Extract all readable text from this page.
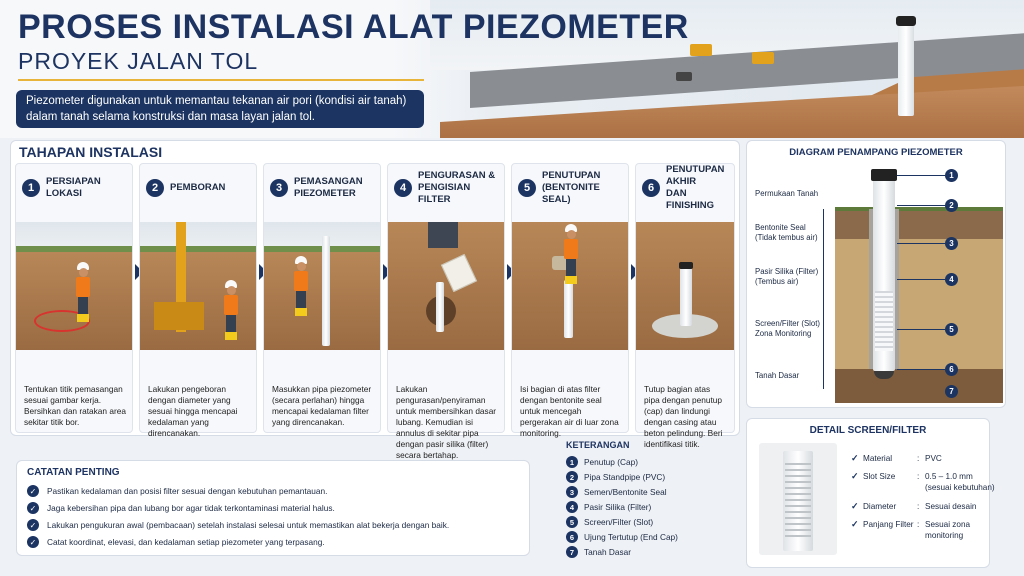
PROSES INSTALASI ALAT PIEZOMETER
PROYEK JALAN TOL
Piezometer digunakan untuk memantau tekanan air pori (kondisi air tanah)
dalam tanah selama konstruksi dan masa layan jalan tol.
TAHAPAN INSTALASI
1
PERSIAPAN LOKASI
Tentukan titik pemasangan sesuai gambar kerja. Bersihkan dan ratakan area sekitar titik bor.
2	PEMBORAN
Lakukan pengeboran dengan diameter yang sesuai hingga mencapai kedalaman yang direncanakan.
3
PEMASANGAN
PIEZOMETER
Masukkan pipa piezometer (secara perlahan) hingga mencapai kedalaman filter yang direncanakan.
4
PENGURASAN &
PENGISIAN FILTER
Lakukan pengurasan/penyiraman untuk membersihkan dasar lubang. Kemudian isi annulus di sekitar pipa dengan pasir silika (filter) secara bertahap.
5
PENUTUPAN
(BENTONITE SEAL)
Isi bagian di atas filter dengan bentonite seal untuk mencegah pergerakan air di luar zona monitoring.
6
PENUTUPAN AKHIR
DAN FINISHING
Tutup bagian atas pipa dengan penutup (cap) dan lindungi dengan casing atau beton pelindung. Beri identifikasi titik.
DIAGRAM PENAMPANG PIEZOMETER
Permukaan Tanah
Bentonite Seal
(Tidak tembus air)
Pasir Silika (Filter)
(Tembus air)
Screen/Filter (Slot)
Zona Monitoring
Tanah Dasar
1
2
3
4
5
6
7
CATATAN PENTING
✓	Pastikan kedalaman dan posisi filter sesuai dengan kebutuhan pemantauan.
✓	Jaga kebersihan pipa dan lubang bor agar tidak terkontaminasi material halus.
✓	Lakukan pengukuran awal (pembacaan) setelah instalasi selesai untuk memastikan alat bekerja dengan baik.
✓	Catat koordinat, elevasi, dan kedalaman setiap piezometer yang terpasang.
KETERANGAN
1	Penutup (Cap)
2	Pipa Standpipe (PVC)
3	Semen/Bentonite Seal
4	Pasir Silika (Filter)
5	Screen/Filter (Slot)
6	Ujung Tertutup (End Cap)
7	Tanah Dasar
DETAIL SCREEN/FILTER
✓ Material	: PVC
✓ Slot Size	: 0.5 – 1.0 mm
(sesuai kebutuhan)
✓ Diameter	: Sesuai desain
✓ Panjang Filter : Sesuai zona
monitoring
